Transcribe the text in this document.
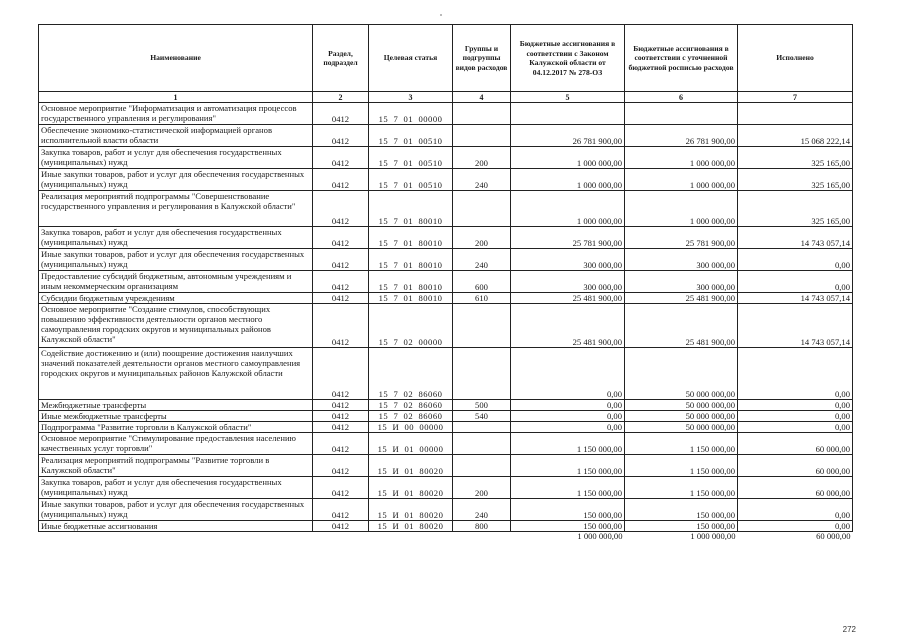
Наименование	Раздел, подраздел	Целевая статья	Группы и подгруппы видов расходов	Бюджетные ассигнования в соответствии с Законом Калужской области от 04.12.2017 № 278-ОЗ	Бюджетные ассигнования в соответствии с уточненной бюджетной росписью расходов	Исполнено
1	2	3	4	5	6	7
Основное мероприятие "Информатизация и автоматизация процессов государственного управления и регулирования"	0412	15  7  01  00000				
Обеспечение экономико-статистической информацией органов исполнительной власти области	0412	15  7  01  00510		26 781 900,00	26 781 900,00	15 068 222,14
Закупка товаров, работ и услуг для обеспечения государственных (муниципальных) нужд	0412	15  7  01  00510	200	1 000 000,00	1 000 000,00	325 165,00
Иные закупки товаров, работ и услуг для обеспечения государственных (муниципальных) нужд	0412	15  7  01  00510	240	1 000 000,00	1 000 000,00	325 165,00
Реализация мероприятий подпрограммы "Совершенствование государственного управления и регулирования в Калужской области"	0412	15  7  01  80010		1 000 000,00	1 000 000,00	325 165,00
Закупка товаров, работ и услуг для обеспечения государственных (муниципальных) нужд	0412	15  7  01  80010	200	25 781 900,00	25 781 900,00	14 743 057,14
Иные закупки товаров, работ и услуг для обеспечения государственных (муниципальных) нужд	0412	15  7  01  80010	240	300 000,00	300 000,00	0,00
Предоставление субсидий бюджетным, автономным учреждениям и иным некоммерческим организациям	0412	15  7  01  80010	600	300 000,00	300 000,00	0,00
Субсидии бюджетным учреждениям	0412	15  7  01  80010	610	25 481 900,00	25 481 900,00	14 743 057,14
Основное мероприятие "Создание стимулов, способствующих повышению эффективности деятельности органов местного самоуправления городских округов и муниципальных районов Калужской области"	0412	15  7  02  00000		25 481 900,00	25 481 900,00	14 743 057,14
Содействие достижению и (или) поощрение достижения наилучших значений показателей деятельности органов местного самоуправления городских округов и муниципальных районов Калужской области	0412	15  7  02  86060		0,00	50 000 000,00	0,00
Межбюджетные трансферты	0412	15  7  02  86060	500	0,00	50 000 000,00	0,00
Иные межбюджетные трансферты	0412	15  7  02  86060	540	0,00	50 000 000,00	0,00
Подпрограмма "Развитие торговли в Калужской области"	0412	15  И  00  00000		0,00	50 000 000,00	0,00
Основное мероприятие "Стимулирование предоставления населению качественных услуг торговли"	0412	15  И  01  00000		1 150 000,00	1 150 000,00	60 000,00
Реализация мероприятий подпрограммы "Развитие торговли в Калужской области"	0412	15  И  01  80020		1 150 000,00	1 150 000,00	60 000,00
Закупка товаров, работ и услуг для обеспечения государственных (муниципальных) нужд	0412	15  И  01  80020	200	1 150 000,00	1 150 000,00	60 000,00
Иные закупки товаров, работ и услуг для обеспечения государственных (муниципальных) нужд	0412	15  И  01  80020	240	150 000,00	150 000,00	0,00
Иные бюджетные ассигнования	0412	15  И  01  80020	800	150 000,00	150 000,00	0,00
				1 000 000,00	1 000 000,00	60 000,00
272
